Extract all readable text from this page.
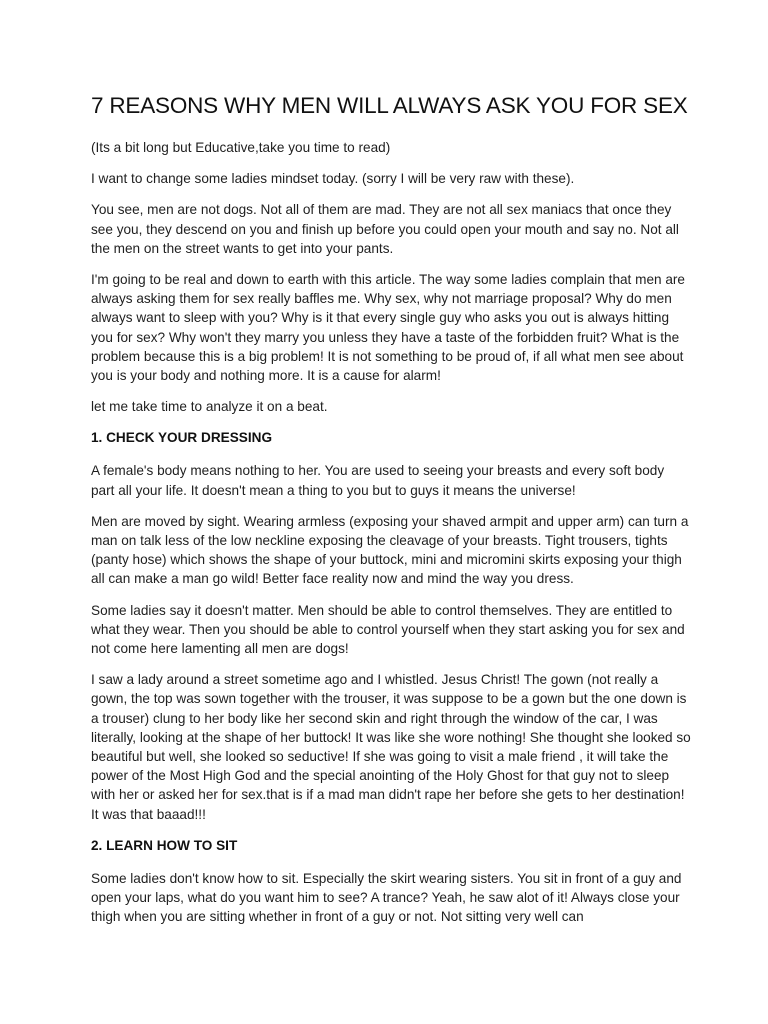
7 REASONS WHY MEN WILL ALWAYS ASK YOU FOR SEX

(Its a bit long but Educative,take you time to read)

I want to change some ladies mindset today. (sorry I will be very raw with these).

You see, men are not dogs. Not all of them are mad. They are not all sex maniacs that once they see you, they descend on you and finish up before you could open your mouth and say no. Not all the men on the street wants to get into your pants.

I'm going to be real and down to earth with this article. The way some ladies complain that men are always asking them for sex really baffles me. Why sex, why not marriage proposal? Why do men always want to sleep with you? Why is it that every single guy who asks you out is always hitting you for sex? Why won't they marry you unless they have a taste of the forbidden fruit? What is the problem because this is a big problem! It is not something to be proud of, if all what men see about you is your body and nothing more. It is a cause for alarm!

let me take time to analyze it on a beat.

1. CHECK YOUR DRESSING

A female's body means nothing to her. You are used to seeing your breasts and every soft body part all your life. It doesn't mean a thing to you but to guys it means the universe!

Men are moved by sight. Wearing armless (exposing your shaved armpit and upper arm) can turn a man on talk less of the low neckline exposing the cleavage of your breasts. Tight trousers, tights (panty hose) which shows the shape of your buttock, mini and micromini skirts exposing your thigh all can make a man go wild! Better face reality now and mind the way you dress.

Some ladies say it doesn't matter. Men should be able to control themselves. They are entitled to what they wear. Then you should be able to control yourself when they start asking you for sex and not come here lamenting all men are dogs!

I saw a lady around a street sometime ago and I whistled. Jesus Christ! The gown (not really a gown, the top was sown together with the trouser, it was suppose to be a gown but the one down is a trouser) clung to her body like her second skin and right through the window of the car, I was literally, looking at the shape of her buttock! It was like she wore nothing! She thought she looked so beautiful but well, she looked so seductive! If she was going to visit a male friend , it will take the power of the Most High God and the special anointing of the Holy Ghost for that guy not to sleep with her or asked her for sex.that is if a mad man didn't rape her before she gets to her destination! It was that baaad!!!

2. LEARN HOW TO SIT

Some ladies don't know how to sit. Especially the skirt wearing sisters. You sit in front of a guy and open your laps, what do you want him to see? A trance? Yeah, he saw alot of it! Always close your thigh when you are sitting whether in front of a guy or not. Not sitting very well can
